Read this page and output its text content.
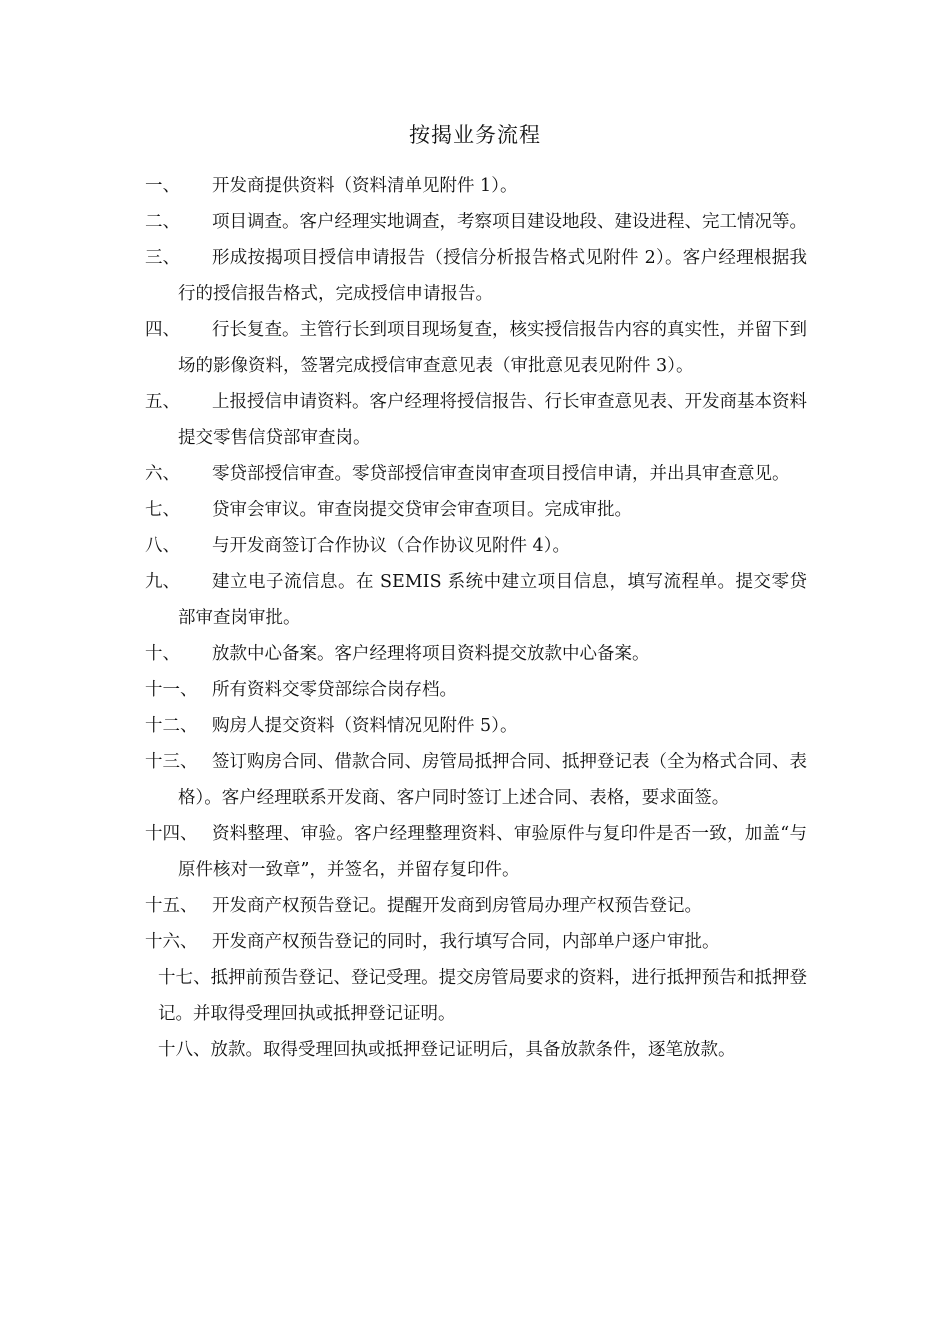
按揭业务流程
一、	开发商提供资料（资料清单见附件 1）。
二、	项目调查。客户经理实地调查，考察项目建设地段、建设进程、完工情况等。
三、	形成按揭项目授信申请报告（授信分析报告格式见附件 2）。客户经理根据我行的授信报告格式，完成授信申请报告。
四、	行长复查。主管行长到项目现场复查，核实授信报告内容的真实性，并留下到场的影像资料，签署完成授信审查意见表（审批意见表见附件 3）。
五、	上报授信申请资料。客户经理将授信报告、行长审查意见表、开发商基本资料提交零售信贷部审查岗。
六、	零贷部授信审查。零贷部授信审查岗审查项目授信申请，并出具审查意见。
七、	贷审会审议。审查岗提交贷审会审查项目。完成审批。
八、	与开发商签订合作协议（合作协议见附件 4）。
九、	建立电子流信息。在 SEMIS 系统中建立项目信息，填写流程单。提交零贷部审查岗审批。
十、	放款中心备案。客户经理将项目资料提交放款中心备案。
十一、 所有资料交零贷部综合岗存档。
十二、 购房人提交资料（资料情况见附件 5）。
十三、 签订购房合同、借款合同、房管局抵押合同、抵押登记表（全为格式合同、表格）。客户经理联系开发商、客户同时签订上述合同、表格，要求面签。
十四、 资料整理、审验。客户经理整理资料、审验原件与复印件是否一致，加盖“与原件核对一致章”，并签名，并留存复印件。
十五、 开发商产权预告登记。提醒开发商到房管局办理产权预告登记。
十六、 开发商产权预告登记的同时，我行填写合同，内部单户逐户审批。
十七、抵押前预告登记、登记受理。提交房管局要求的资料，进行抵押预告和抵押登记。并取得受理回执或抵押登记证明。
十八、放款。取得受理回执或抵押登记证明后，具备放款条件，逐笔放款。
